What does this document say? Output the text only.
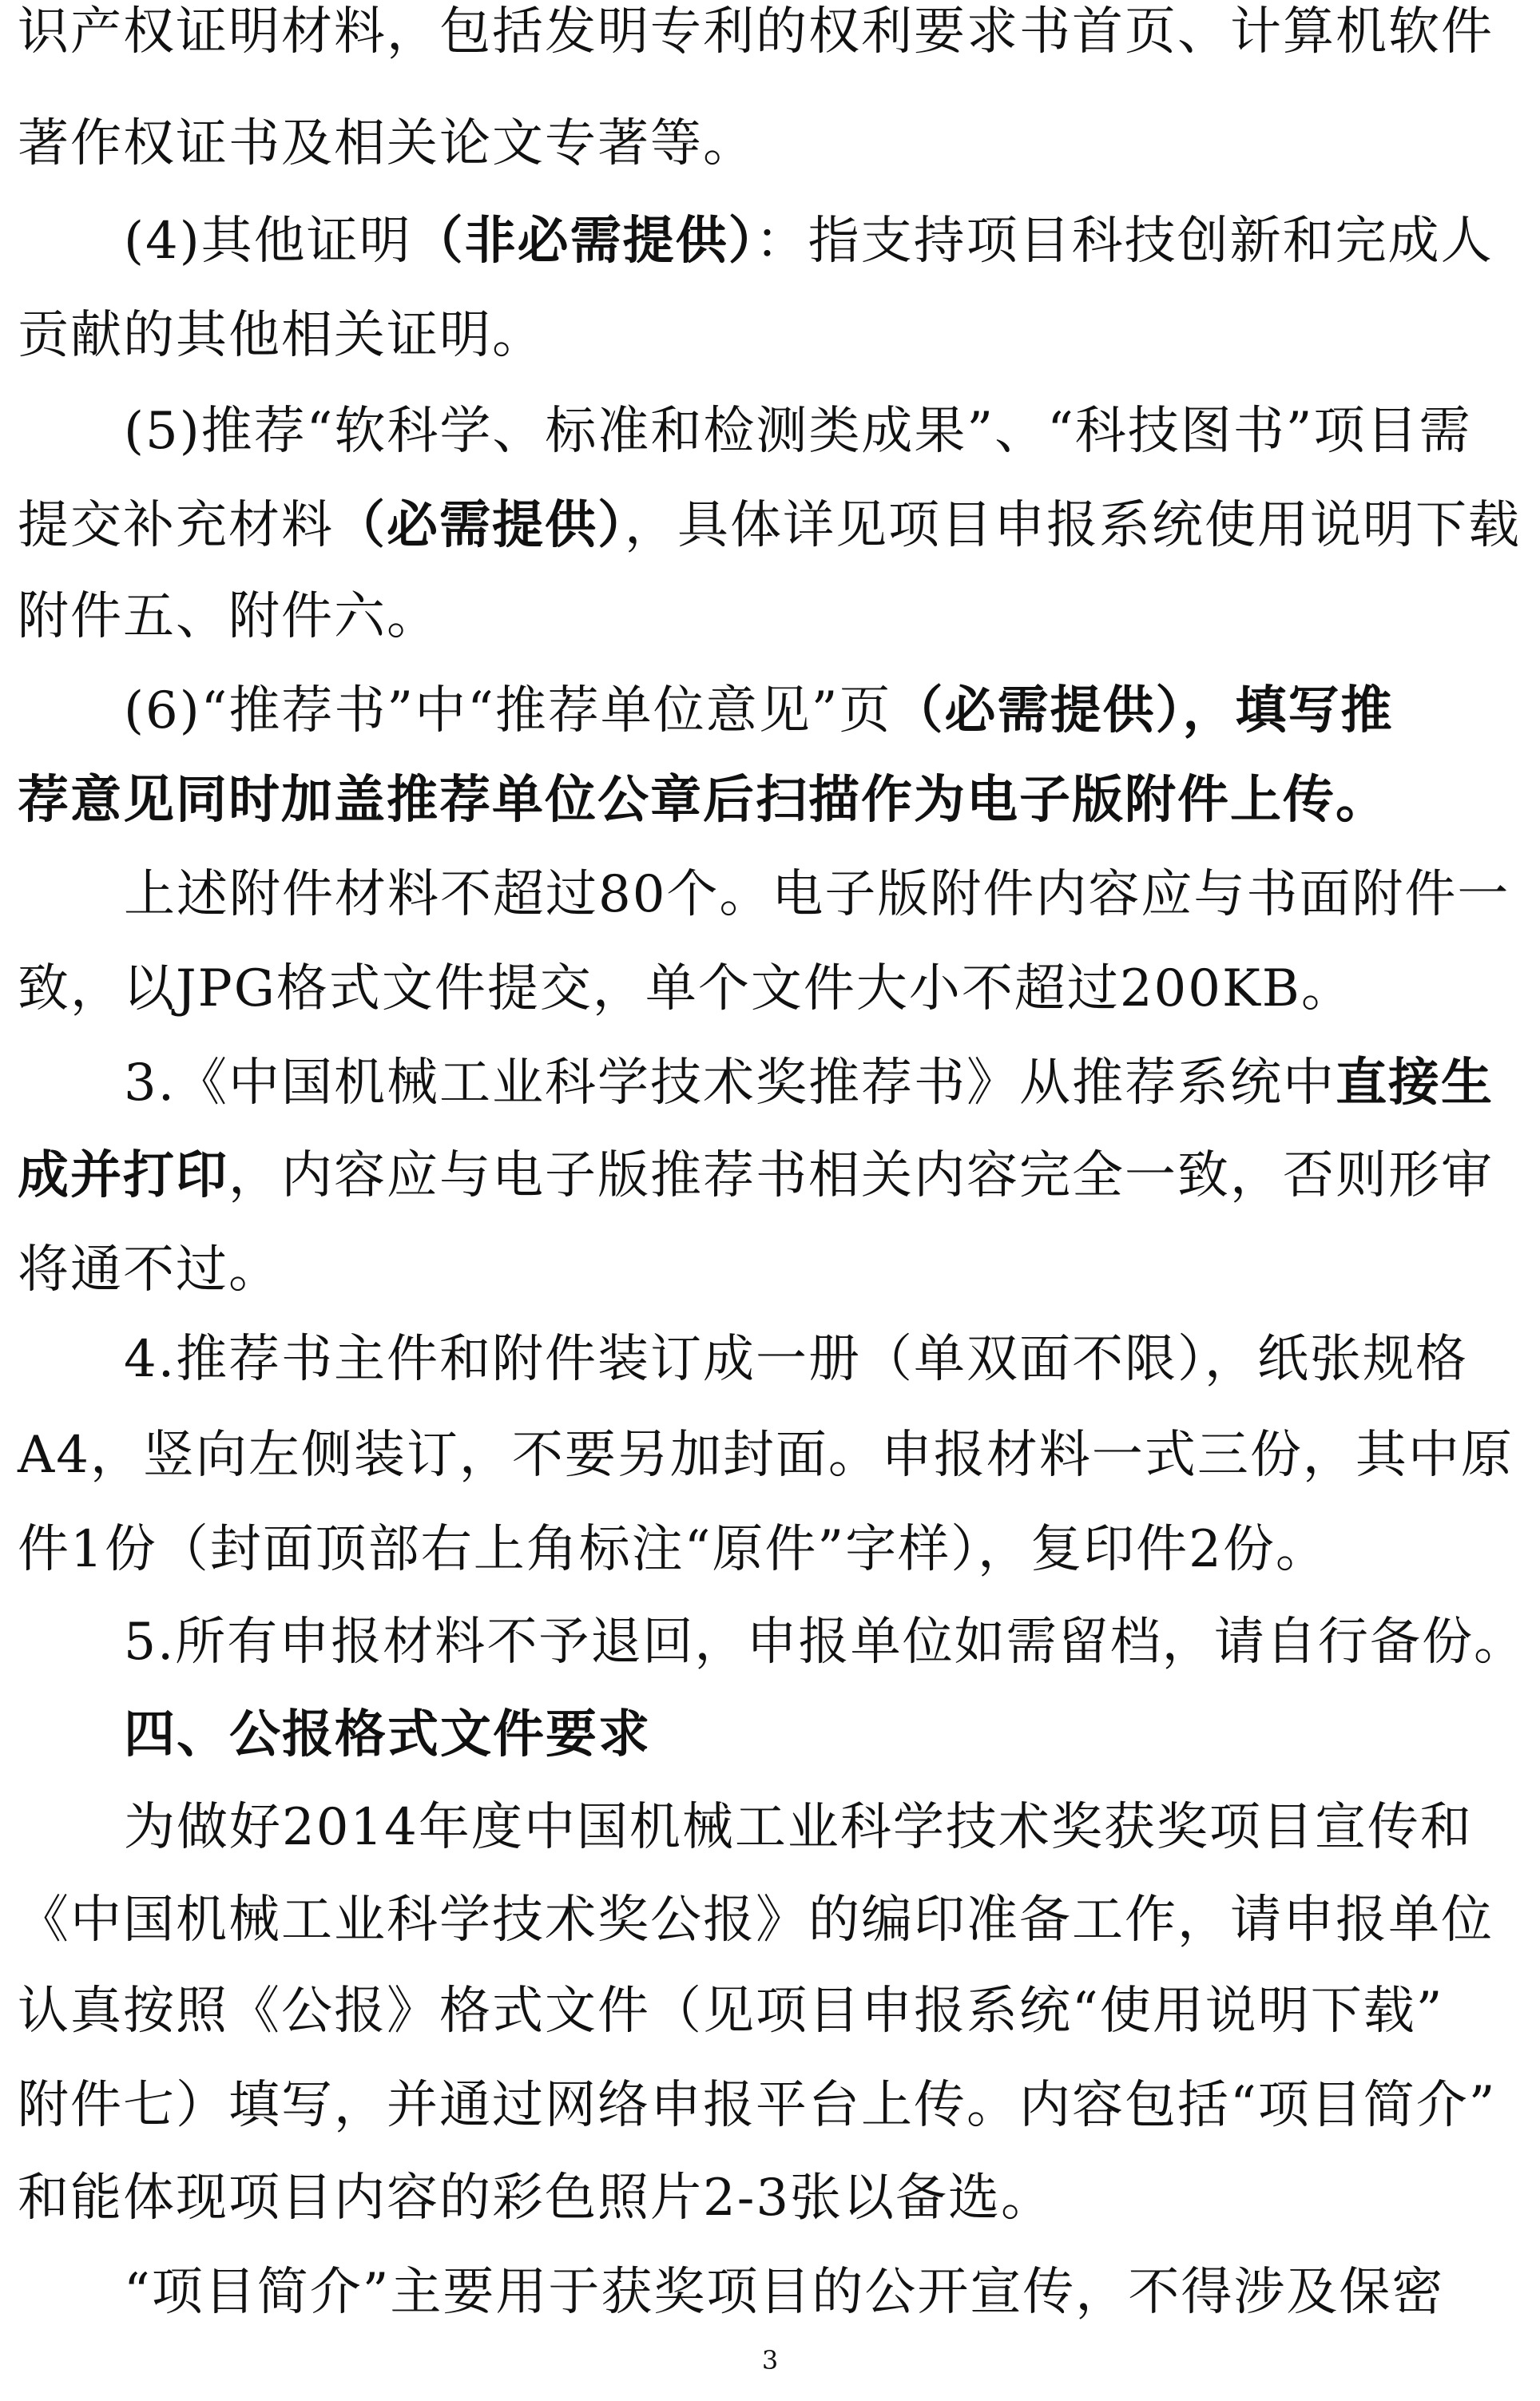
识产权证明材料，包括发明专利的权利要求书首页、计算机软件
著作权证书及相关论文专著等。
(4)其他证明（非必需提供）：指支持项目科技创新和完成人
贡献的其他相关证明。
(5)推荐“软科学、标准和检测类成果”、“科技图书”项目需
提交补充材料（必需提供），具体详见项目申报系统使用说明下载
附件五、附件六。
(6)“推荐书”中“推荐单位意见”页（必需提供），填写推
荐意见同时加盖推荐单位公章后扫描作为电子版附件上传。
上述附件材料不超过80个。电子版附件内容应与书面附件一
致，以JPG格式文件提交，单个文件大小不超过200KB。
3.《中国机械工业科学技术奖推荐书》从推荐系统中直接生
成并打印，内容应与电子版推荐书相关内容完全一致，否则形审
将通不过。
4.推荐书主件和附件装订成一册（单双面不限），纸张规格
A4，竖向左侧装订，不要另加封面。申报材料一式三份，其中原
件1份（封面顶部右上角标注“原件”字样），复印件2份。
5.所有申报材料不予退回，申报单位如需留档，请自行备份。
四、公报格式文件要求
为做好2014年度中国机械工业科学技术奖获奖项目宣传和
《中国机械工业科学技术奖公报》的编印准备工作，请申报单位
认真按照《公报》格式文件（见项目申报系统“使用说明下载”
附件七）填写，并通过网络申报平台上传。内容包括“项目简介”
和能体现项目内容的彩色照片2-3张以备选。
“项目简介”主要用于获奖项目的公开宣传，不得涉及保密
3
